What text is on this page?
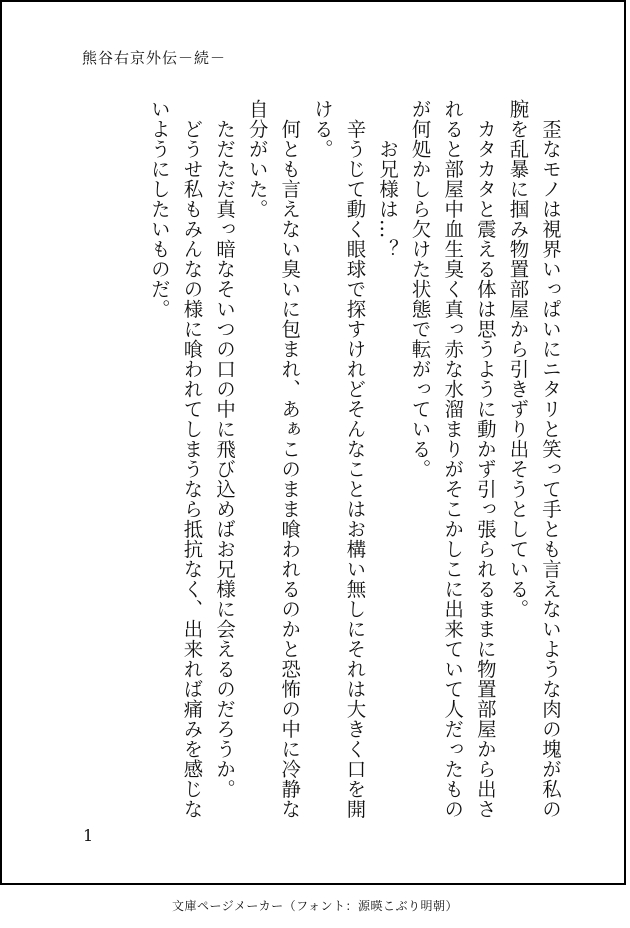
熊谷右京外伝－続－
　歪なモノは視界いっぱいにニタリと笑って手とも言えないような肉の塊が私の
腕を乱暴に掴み物置部屋から引きずり出そうとしている。
　カタカタと震える体は思うように動かず引っ張られるままに物置部屋から出さ
れると部屋中血生臭く真っ赤な水溜まりがそこかしこに出来ていて人だったもの
が何処かしら欠けた状態で転がっている。
　　お兄様は…？
　辛うじて動く眼球で探すけれどそんなことはお構い無しにそれは大きく口を開
ける。
　何とも言えない臭いに包まれ、あぁこのまま喰われるのかと恐怖の中に冷静な
自分がいた。
　ただただ真っ暗なそいつの口の中に飛び込めばお兄様に会えるのだろうか。
　どうせ私もみんなの様に喰われてしまうなら抵抗なく、出来れば痛みを感じな
いようにしたいものだ。
1
文庫ページメーカー（フォント：源暎こぶり明朝）
